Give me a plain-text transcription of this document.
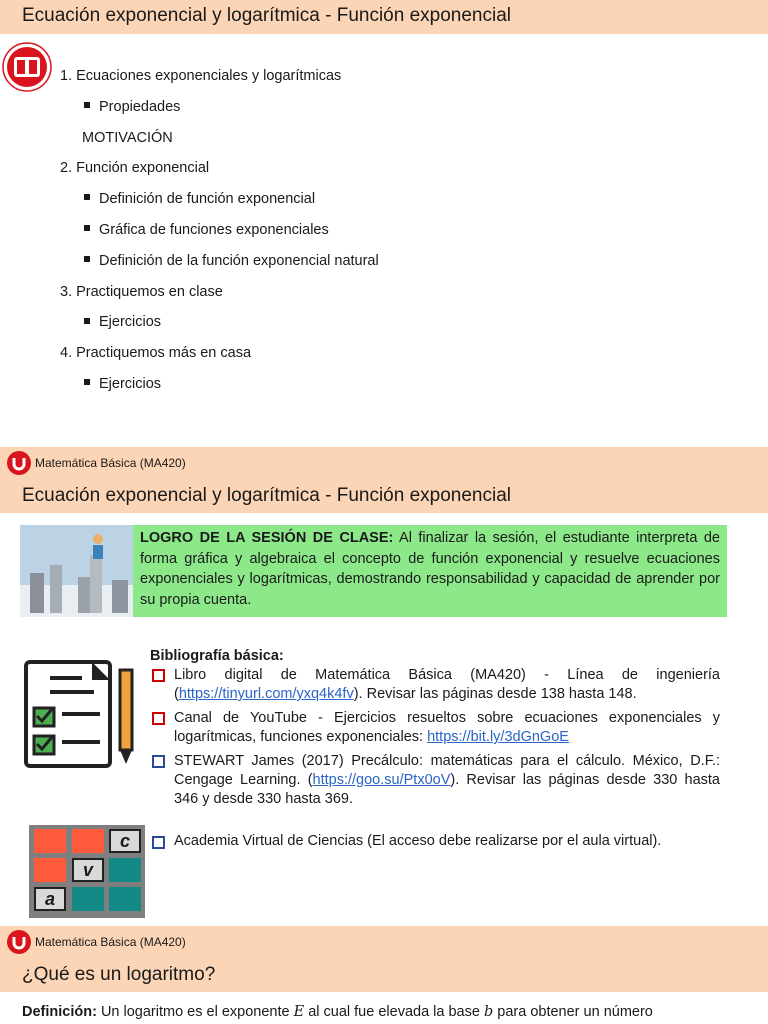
Ecuación exponencial y logarítmica - Función exponencial
1. Ecuaciones exponenciales y logarítmicas
Propiedades
MOTIVACIÓN
2. Función exponencial
Definición de función exponencial
Gráfica de funciones exponenciales
Definición de la función exponencial natural
3. Practiquemos en clase
Ejercicios
4. Practiquemos más en casa
Ejercicios
Matemática Básica (MA420)
Ecuación exponencial y logarítmica - Función exponencial

LOGRO DE LA SESIÓN DE CLASE: Al finalizar la sesión, el estudiante interpreta de forma gráfica y algebraica el concepto de función exponencial y resuelve ecuaciones exponenciales y logarítmicas, demostrando responsabilidad y capacidad de aprender por su propia cuenta.

Bibliografía básica:
Libro digital de Matemática Básica (MA420) - Línea de ingeniería (https://tinyurl.com/yxq4k4fv). Revisar las páginas desde 138 hasta 148.
Canal de YouTube - Ejercicios resueltos sobre ecuaciones exponenciales y logarítmicas, funciones exponenciales: https://bit.ly/3dGnGoE
STEWART James (2017) Precálculo: matemáticas para el cálculo. México, D.F.: Cengage Learning. (https://goo.su/Ptx0oV). Revisar las páginas desde 330 hasta 346 y desde 330 hasta 369.
c
v
a
Academia Virtual de Ciencias (El acceso debe realizarse por el aula virtual).
Matemática Básica (MA420)
¿Qué es un logaritmo?
Definición: Un logaritmo es el exponente E al cual fue elevada la base b para obtener un número
